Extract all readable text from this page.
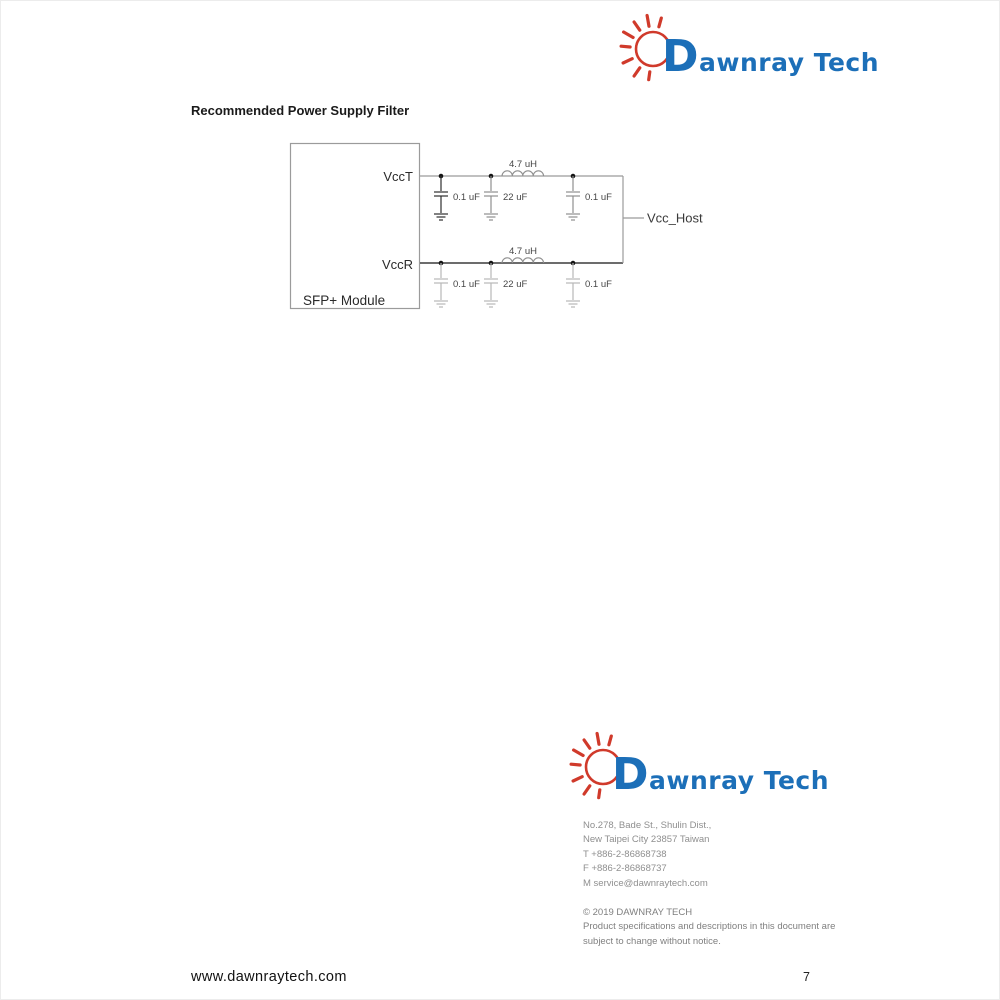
Dawnray Tech
Recommended Power Supply Filter
SFP+ Module
VccT
VccR
Vcc_Host
0.1 uF 22 uF
4.7 uH
0.1 uF
0.1 uF 22 uF
4.7 uH
0.1 uF
Dawnray Tech
No.278, Bade St., Shulin Dist.,
New Taipei City 23857 Taiwan
T +886-2-86868738
F +886-2-86868737
M service@dawnraytech.com
© 2019 DAWNRAY TECH
Product specifications and descriptions in this document are
subject to change without notice.
www.dawnraytech.com	7
